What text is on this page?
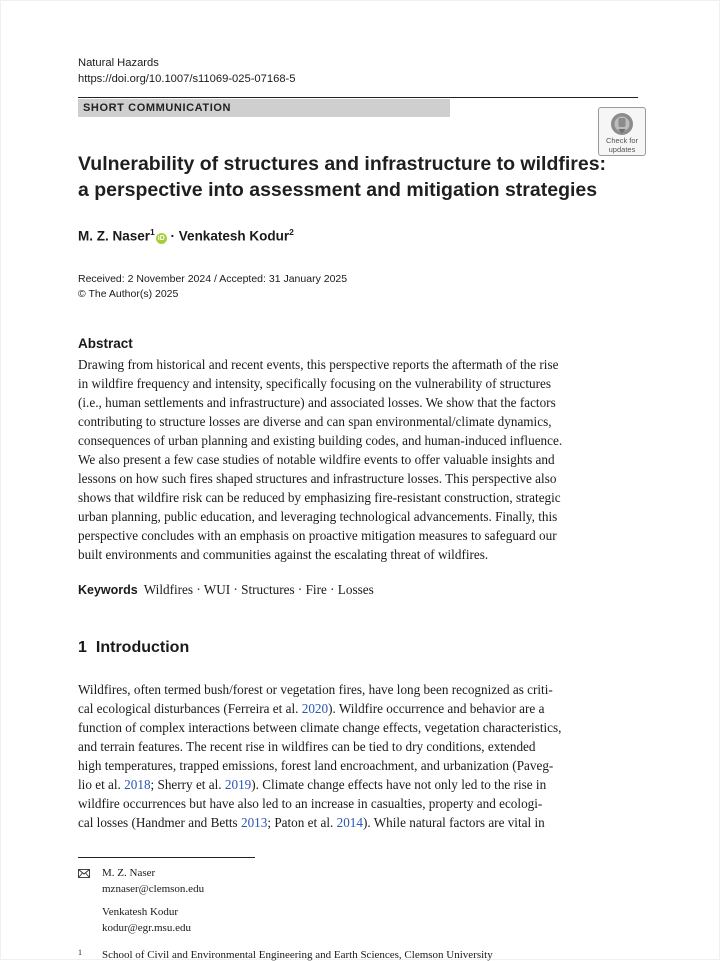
Natural Hazards
https://doi.org/10.1007/s11069-025-07168-5
SHORT COMMUNICATION
Check for
updates
Vulnerability of structures and infrastructure to wildfires:
a perspective into assessment and mitigation strategies
M. Z. Naser$^1$iD · Venkatesh Kodur$^2$
Received: 2 November 2024 / Accepted: 31 January 2025
© The Author(s) 2025
Abstract
Drawing from historical and recent events, this perspective reports the aftermath of the rise
in wildfire frequency and intensity, specifically focusing on the vulnerability of structures
(i.e., human settlements and infrastructure) and associated losses. We show that the factors
contributing to structure losses are diverse and can span environmental/climate dynamics,
consequences of urban planning and existing building codes, and human-induced influence.
We also present a few case studies of notable wildfire events to offer valuable insights and
lessons on how such fires shaped structures and infrastructure losses. This perspective also
shows that wildfire risk can be reduced by emphasizing fire-resistant construction, strategic
urban planning, public education, and leveraging technological advancements. Finally, this
perspective concludes with an emphasis on proactive mitigation measures to safeguard our
built environments and communities against the escalating threat of wildfires.
Keywords Wildfires · WUI · Structures · Fire · Losses
1 Introduction
Wildfires, often termed bush/forest or vegetation fires, have long been recognized as criti-
cal ecological disturbances (Ferreira et al. 2020). Wildfire occurrence and behavior are a
function of complex interactions between climate change effects, vegetation characteristics,
and terrain features. The recent rise in wildfires can be tied to dry conditions, extended
high temperatures, trapped emissions, forest land encroachment, and urbanization (Paveg-
lio et al. 2018; Sherry et al. 2019). Climate change effects have not only led to the rise in
wildfire occurrences but have also led to an increase in casualties, property and ecologi-
cal losses (Handmer and Betts 2013; Paton et al. 2014). While natural factors are vital in
M. Z. Naser
mznaser@clemson.edu
Venkatesh Kodur
kodur@egr.msu.edu
1 School of Civil and Environmental Engineering and Earth Sciences, Clemson University
